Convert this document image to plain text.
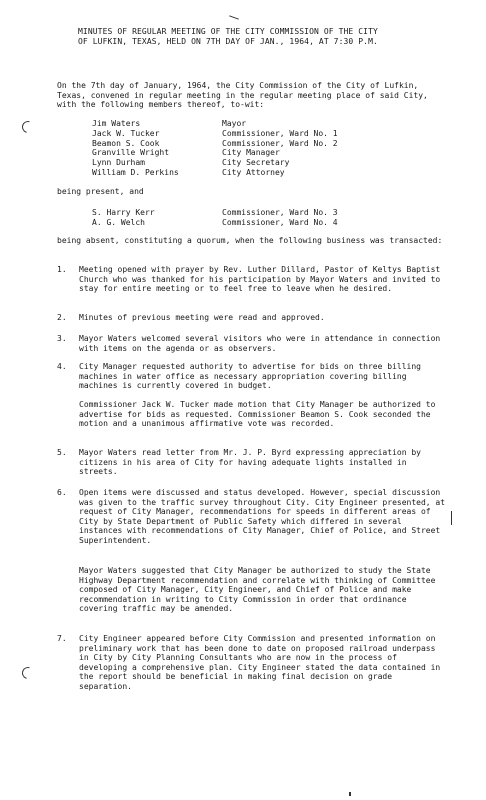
MINUTES OF REGULAR MEETING OF THE CITY COMMISSION OF THE CITY
OF LUFKIN, TEXAS, HELD ON 7TH DAY OF JAN., 1964, AT 7:30 P.M.
On the 7th day of January, 1964, the City Commission of the City of Lufkin, Texas, convened in regular meeting in the regular meeting place of said City, with the following members thereof, to-wit:
Jim Waters	Mayor
Jack W. Tucker	Commissioner, Ward No. 1
Beamon S. Cook	Commissioner, Ward No. 2
Granville Wright	City Manager
Lynn Durham	City Secretary
William D. Perkins	City Attorney
being present, and
S. Harry Kerr	Commissioner, Ward No. 3
A. G. Welch	Commissioner, Ward No. 4
being absent, constituting a quorum, when the following business was transacted:
1.	Meeting opened with prayer by Rev. Luther Dillard, Pastor of Keltys Baptist Church who was thanked for his participation by Mayor Waters and invited to stay for entire meeting or to feel free to leave when he desired.
2.	Minutes of previous meeting were read and approved.
3.	Mayor Waters welcomed several visitors who were in attendance in connection with items on the agenda or as observers.
4.	City Manager requested authority to advertise for bids on three billing machines in water office as necessary appropriation covering billing machines is currently covered in budget.
Commissioner Jack W. Tucker made motion that City Manager be authorized to advertise for bids as requested. Commissioner Beamon S. Cook seconded the motion and a unanimous affirmative vote was recorded.
5.	Mayor Waters read letter from Mr. J. P. Byrd expressing appreciation by citizens in his area of City for having adequate lights installed in streets.
6.	Open items were discussed and status developed. However, special discussion was given to the traffic survey throughout City. City Engineer presented, at request of City Manager, recommendations for speeds in different areas of City by State Department of Public Safety which differed in several instances with recommendations of City Manager, Chief of Police, and Street Superintendent.
Mayor Waters suggested that City Manager be authorized to study the State Highway Department recommendation and correlate with thinking of Committee composed of City Manager, City Engineer, and Chief of Police and make recommendation in writing to City Commission in order that ordinance covering traffic may be amended.
7.	City Engineer appeared before City Commission and presented information on preliminary work that has been done to date on proposed railroad underpass in City by City Planning Consultants who are now in the process of developing a comprehensive plan. City Engineer stated the data contained in the report should be beneficial in making final decision on grade separation.
